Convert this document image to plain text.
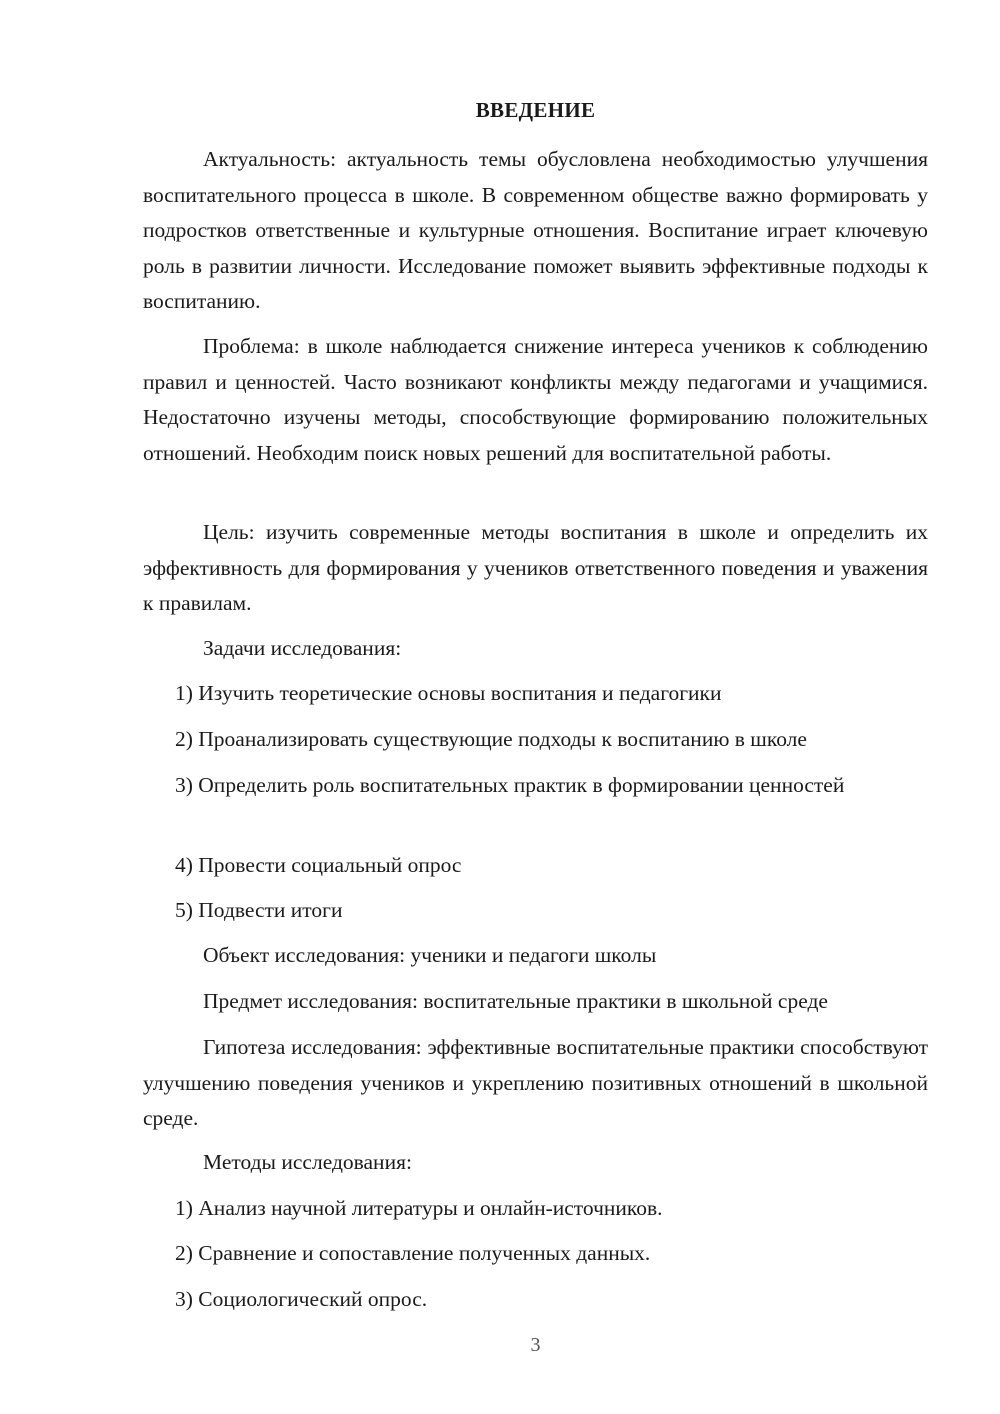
ВВЕДЕНИЕ

Актуальность: актуальность темы обусловлена необходимостью улучшения воспитательного процесса в школе. В современном обществе важно формировать у подростков ответственные и культурные отношения. Воспитание играет ключевую роль в развитии личности. Исследование поможет выявить эффективные подходы к воспитанию.

Проблема: в школе наблюдается снижение интереса учеников к соблюдению правил и ценностей. Часто возникают конфликты между педагогами и учащимися. Недостаточно изучены методы, способствующие формированию положительных отношений. Необходим поиск новых решений для воспитательной работы.

Цель: изучить современные методы воспитания в школе и определить их эффективность для формирования у учеников ответственного поведения и уважения к правилам.

Задачи исследования:

1) Изучить теоретические основы воспитания и педагогики

2) Проанализировать существующие подходы к воспитанию в школе

3) Определить роль воспитательных практик в формировании ценностей

4) Провести социальный опрос

5) Подвести итоги

Объект исследования: ученики и педагоги школы

Предмет исследования: воспитательные практики в школьной среде

Гипотеза исследования: эффективные воспитательные практики способствуют улучшению поведения учеников и укреплению позитивных отношений в школьной среде.

Методы исследования:

1) Анализ научной литературы и онлайн-источников.

2) Сравнение и сопоставление полученных данных.

3) Социологический опрос.

3
